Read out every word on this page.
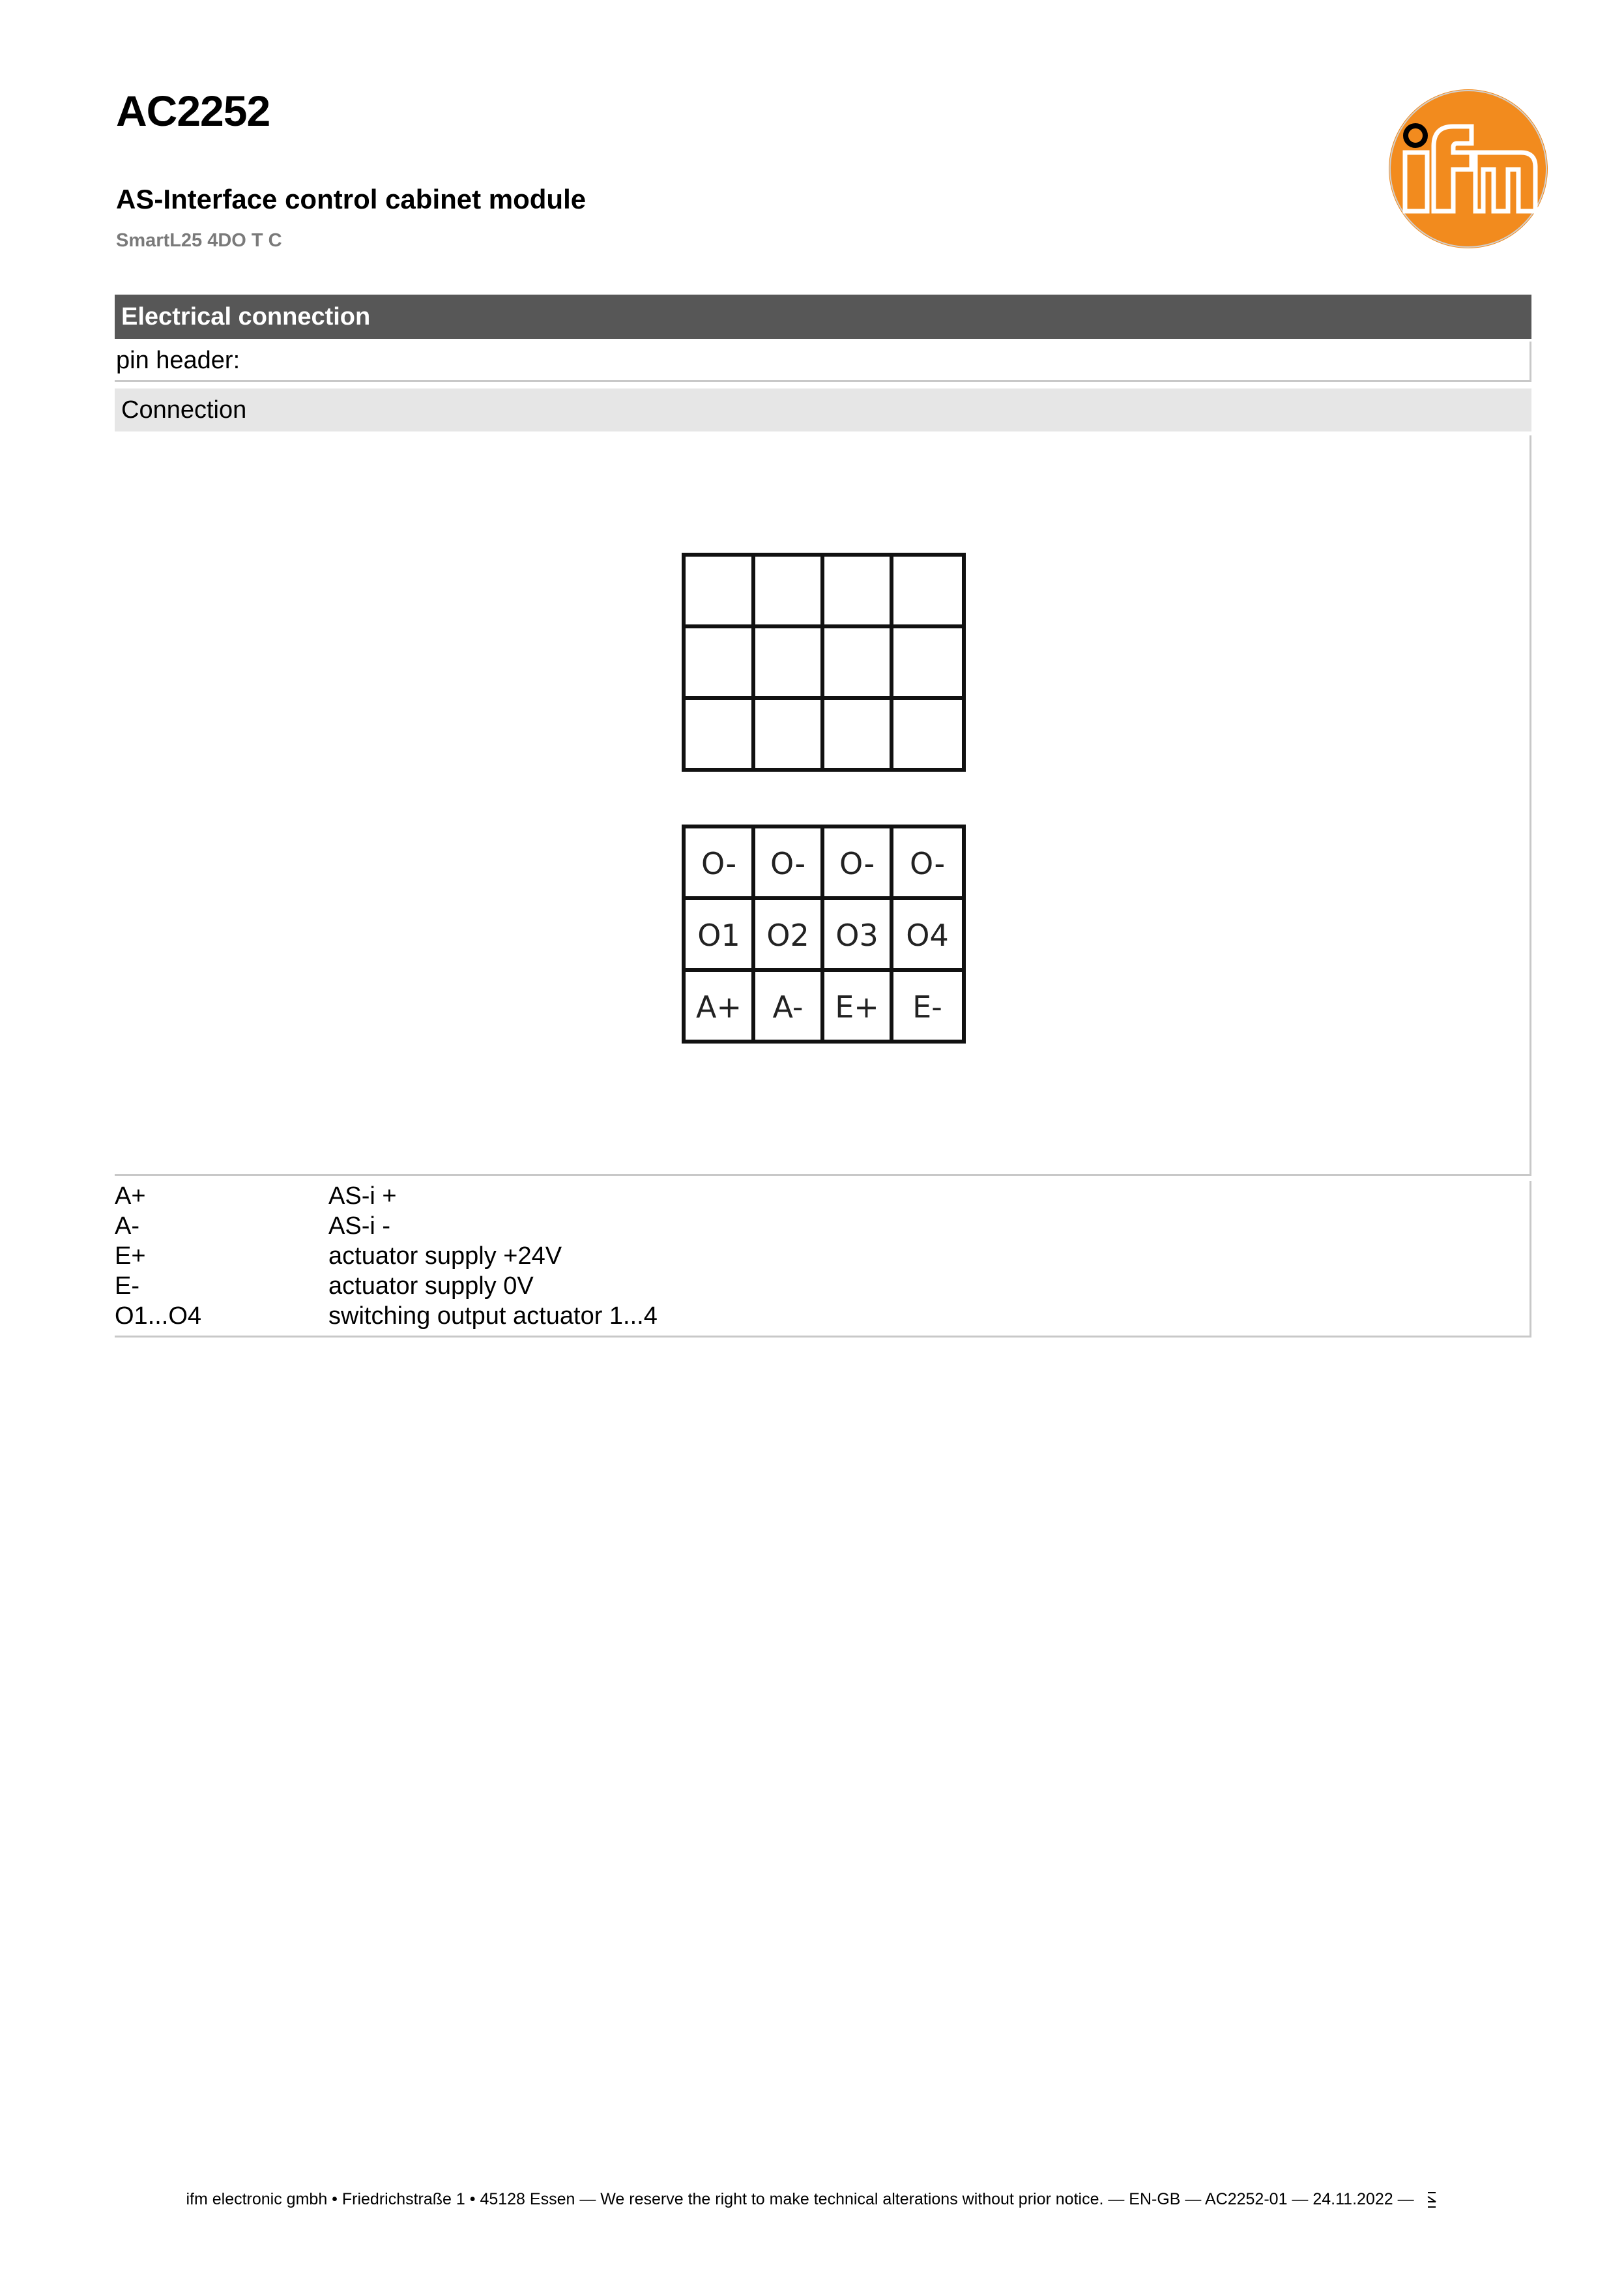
AC2252
AS-Interface control cabinet module
SmartL25 4DO T C
ifm
Electrical connection
pin header:
Connection
O- O- O- O-
O1 O2 O3 O4
A+ A- E+ E-
A+	AS-i +
A-	AS-i -
E+	actuator supply +24V
E-	actuator supply 0V
O1...O4	switching output actuator 1...4
ifm electronic gmbh • Friedrichstraße 1 • 45128 Essen — We reserve the right to make technical alterations without prior notice. — EN-GB — AC2252-01 — 24.11.2022 —
